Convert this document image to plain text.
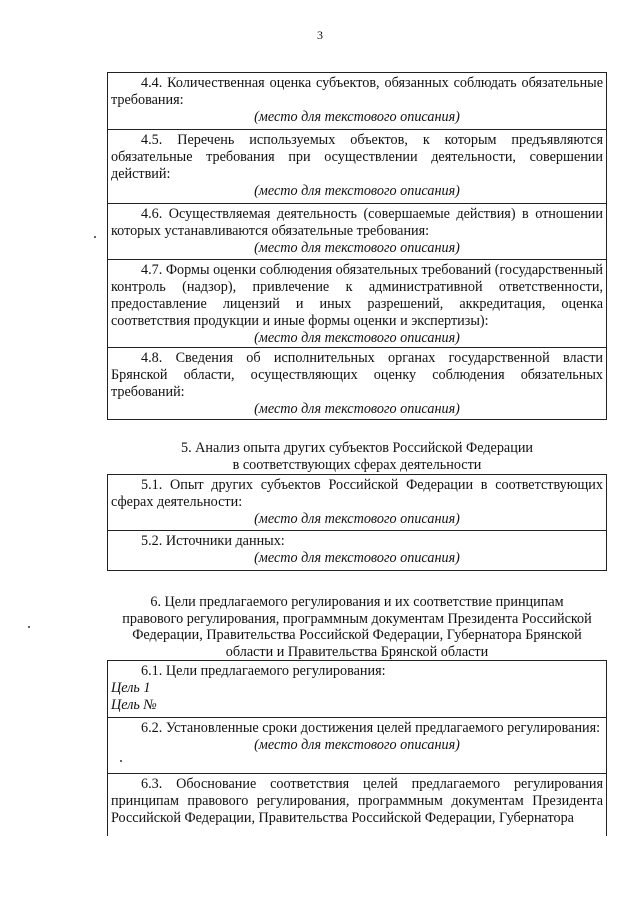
3

4.4. Количественная оценка субъектов, обязанных соблюдать обязательные требования:

(место для текстового описания)

4.5. Перечень используемых объектов, к которым предъявляются обязательные требования при осуществлении деятельности, совершении действий:

(место для текстового описания)

4.6. Осуществляемая деятельность (совершаемые действия) в отношении которых устанавливаются обязательные требования:

(место для текстового описания)

4.7. Формы оценки соблюдения обязательных требований (государственный контроль (надзор), привлечение к административной ответственности, предоставление лицензий и иных разрешений, аккредитация, оценка соответствия продукции и иные формы оценки и экспертизы):

(место для текстового описания)

4.8. Сведения об исполнительных органах государственной власти Брянской области, осуществляющих оценку соблюдения обязательных требований:

(место для текстового описания)

5. Анализ опыта других субъектов Российской Федерации
в соответствующих сферах деятельности

5.1. Опыт других субъектов Российской Федерации в соответствующих сферах деятельности:

(место для текстового описания)

5.2. Источники данных:

(место для текстового описания)

6. Цели предлагаемого регулирования и их соответствие принципам
правового регулирования, программным документам Президента Российской
Федерации, Правительства Российской Федерации, Губернатора Брянской
области и Правительства Брянской области

6.1. Цели предлагаемого регулирования:

Цель 1

Цель №

6.2. Установленные сроки достижения целей предлагаемого регулирования:

(место для текстового описания)

6.3. Обоснование соответствия целей предлагаемого регулирования принципам правового регулирования, программным документам Президента Российской Федерации, Правительства Российской Федерации, Губернатора
